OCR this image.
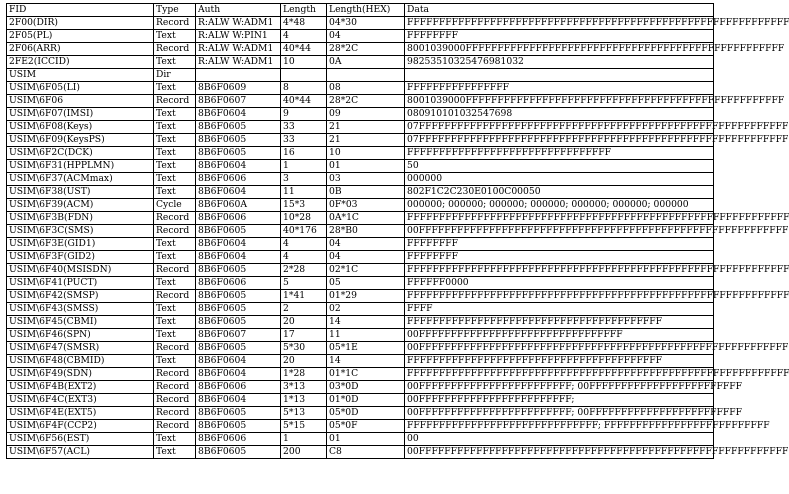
FID	Type	Auth	Length	Length(HEX)	Data
2F00(DIR)	Record	R:ALW W:ADM1	4*48	04*30	FFFFFFFFFFFFFFFFFFFFFFFFFFFFFFFFFFFFFFFFFFFFFFFFFFFFFFFFFFFF
2F05(PL)	Text	R:ALW W:PIN1	4	04	FFFFFFFF
2F06(ARR)	Record	R:ALW W:ADM1	40*44	28*2C	8001039000FFFFFFFFFFFFFFFFFFFFFFFFFFFFFFFFFFFFFFFFFFFFFFFFFF
2FE2(ICCID)	Text	R:ALW W:ADM1	10	0A	98253510325476981032
USIM	Dir				
USIM\6F05(LI)	Text	8B6F0609	8	08	FFFFFFFFFFFFFFFF
USIM\6F06	Record	8B6F0607	40*44	28*2C	8001039000FFFFFFFFFFFFFFFFFFFFFFFFFFFFFFFFFFFFFFFFFFFFFFFFFF
USIM\6F07(IMSI)	Text	8B6F0604	9	09	080910101032547698
USIM\6F08(Keys)	Text	8B6F0605	33	21	07FFFFFFFFFFFFFFFFFFFFFFFFFFFFFFFFFFFFFFFFFFFFFFFFFFFFFFFFFF
USIM\6F09(KeysPS)	Text	8B6F0605	33	21	07FFFFFFFFFFFFFFFFFFFFFFFFFFFFFFFFFFFFFFFFFFFFFFFFFFFFFFFFFF
USIM\6F2C(DCK)	Text	8B6F0605	16	10	FFFFFFFFFFFFFFFFFFFFFFFFFFFFFFFF
USIM\6F31(HPPLMN)	Text	8B6F0604	1	01	50
USIM\6F37(ACMmax)	Text	8B6F0606	3	03	000000
USIM\6F38(UST)	Text	8B6F0604	11	0B	802F1C2C230E0100C00050
USIM\6F39(ACM)	Cycle	8B6F060A	15*3	0F*03	000000; 000000; 000000; 000000; 000000; 000000; 000000
USIM\6F3B(FDN)	Record	8B6F0606	10*28	0A*1C	FFFFFFFFFFFFFFFFFFFFFFFFFFFFFFFFFFFFFFFFFFFFFFFFFFFFFFFFFFFF
USIM\6F3C(SMS)	Record	8B6F0605	40*176	28*B0	00FFFFFFFFFFFFFFFFFFFFFFFFFFFFFFFFFFFFFFFFFFFFFFFFFFFFFFFFFF
USIM\6F3E(GID1)	Text	8B6F0604	4	04	FFFFFFFF
USIM\6F3F(GID2)	Text	8B6F0604	4	04	FFFFFFFF
USIM\6F40(MSISDN)	Record	8B6F0605	2*28	02*1C	FFFFFFFFFFFFFFFFFFFFFFFFFFFFFFFFFFFFFFFFFFFFFFFFFFFFFFFFFFFF
USIM\6F41(PUCT)	Text	8B6F0606	5	05	FFFFFF0000
USIM\6F42(SMSP)	Record	8B6F0605	1*41	01*29	FFFFFFFFFFFFFFFFFFFFFFFFFFFFFFFFFFFFFFFFFFFFFFFFFFFFFFFFFFFF
USIM\6F43(SMSS)	Text	8B6F0605	2	02	FFFF
USIM\6F45(CBMI)	Text	8B6F0605	20	14	FFFFFFFFFFFFFFFFFFFFFFFFFFFFFFFFFFFFFFFF
USIM\6F46(SPN)	Text	8B6F0607	17	11	00FFFFFFFFFFFFFFFFFFFFFFFFFFFFFFFF
USIM\6F47(SMSR)	Record	8B6F0605	5*30	05*1E	00FFFFFFFFFFFFFFFFFFFFFFFFFFFFFFFFFFFFFFFFFFFFFFFFFFFFFFFFFF
USIM\6F48(CBMID)	Text	8B6F0604	20	14	FFFFFFFFFFFFFFFFFFFFFFFFFFFFFFFFFFFFFFFF
USIM\6F49(SDN)	Record	8B6F0604	1*28	01*1C	FFFFFFFFFFFFFFFFFFFFFFFFFFFFFFFFFFFFFFFFFFFFFFFFFFFFFFFFFFFF
USIM\6F4B(EXT2)	Record	8B6F0606	3*13	03*0D	00FFFFFFFFFFFFFFFFFFFFFFFF; 00FFFFFFFFFFFFFFFFFFFFFFFF
USIM\6F4C(EXT3)	Record	8B6F0604	1*13	01*0D	00FFFFFFFFFFFFFFFFFFFFFFFF;
USIM\6F4E(EXT5)	Record	8B6F0605	5*13	05*0D	00FFFFFFFFFFFFFFFFFFFFFFFF; 00FFFFFFFFFFFFFFFFFFFFFFFF
USIM\6F4F(CCP2)	Record	8B6F0605	5*15	05*0F	FFFFFFFFFFFFFFFFFFFFFFFFFFFFFF; FFFFFFFFFFFFFFFFFFFFFFFFFF
USIM\6F56(EST)	Text	8B6F0606	1	01	00
USIM\6F57(ACL)	Text	8B6F0605	200	C8	00FFFFFFFFFFFFFFFFFFFFFFFFFFFFFFFFFFFFFFFFFFFFFFFFFFFFFFFFFF
